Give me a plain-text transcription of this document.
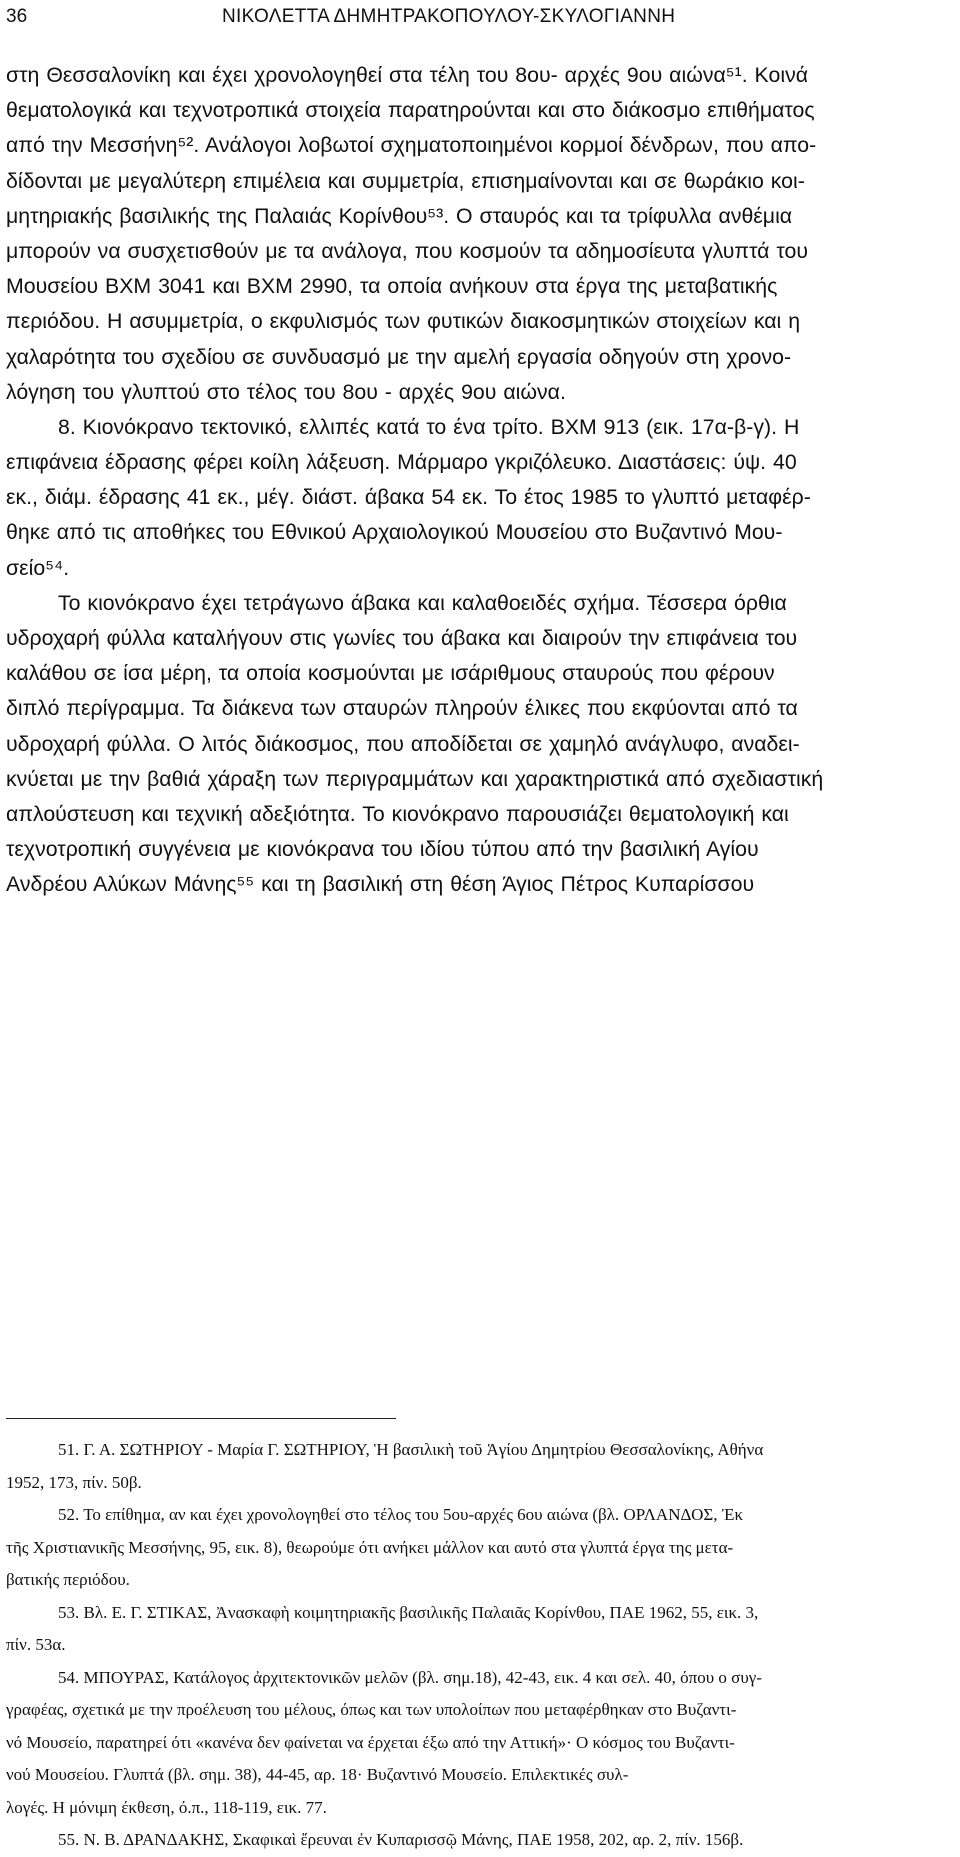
36	ΝΙΚΟΛΕΤΤΑ ΔΗΜΗΤΡΑΚΟΠΟΥΛΟΥ-ΣΚΥΛΟΓΙΑΝΝΗ
στη Θεσσαλονίκη και έχει χρονολογηθεί στα τέλη του 8ου- αρχές 9ου αιώνα⁵¹. Κοινά
θεματολογικά και τεχνοτροπικά στοιχεία παρατηρούνται και στο διάκοσμο επιθήματος
από την Μεσσήνη⁵². Ανάλογοι λοβωτοί σχηματοποιημένοι κορμοί δένδρων, που απο-
δίδονται με μεγαλύτερη επιμέλεια και συμμετρία, επισημαίνονται και σε θωράκιο κοι-
μητηριακής βασιλικής της Παλαιάς Κορίνθου⁵³. Ο σταυρός και τα τρίφυλλα ανθέμια
μπορούν να συσχετισθούν με τα ανάλογα, που κοσμούν τα αδημοσίευτα γλυπτά του
Μουσείου ΒΧΜ 3041 και ΒΧΜ 2990, τα οποία ανήκουν στα έργα της μεταβατικής
περιόδου. Η ασυμμετρία, ο εκφυλισμός των φυτικών διακοσμητικών στοιχείων και η
χαλαρότητα του σχεδίου σε συνδυασμό με την αμελή εργασία οδηγούν στη χρονο-
λόγηση του γλυπτού στο τέλος του 8ου - αρχές 9ου αιώνα.
8. Κιονόκρανο τεκτονικό, ελλιπές κατά το ένα τρίτο. ΒΧΜ 913 (εικ. 17α-β-γ). Η
επιφάνεια έδρασης φέρει κοίλη λάξευση. Μάρμαρο γκριζόλευκο. Διαστάσεις: ύψ. 40
εκ., διάμ. έδρασης 41 εκ., μέγ. διάστ. άβακα 54 εκ. Το έτος 1985 το γλυπτό μεταφέρ-
θηκε από τις αποθήκες του Εθνικού Αρχαιολογικού Μουσείου στο Βυζαντινό Μου-
σείο⁵⁴.
Το κιονόκρανο έχει τετράγωνο άβακα και καλαθοειδές σχήμα. Τέσσερα όρθια
υδροχαρή φύλλα καταλήγουν στις γωνίες του άβακα και διαιρούν την επιφάνεια του
καλάθου σε ίσα μέρη, τα οποία κοσμούνται με ισάριθμους σταυρούς που φέρουν
διπλό περίγραμμα. Τα διάκενα των σταυρών πληρούν έλικες που εκφύονται από τα
υδροχαρή φύλλα. Ο λιτός διάκοσμος, που αποδίδεται σε χαμηλό ανάγλυφο, αναδει-
κνύεται με την βαθιά χάραξη των περιγραμμάτων και χαρακτηριστικά από σχεδιαστική
απλούστευση και τεχνική αδεξιότητα. Το κιονόκρανο παρουσιάζει θεματολογική και
τεχνοτροπική συγγένεια με κιονόκρανα του ιδίου τύπου από την βασιλική Αγίου
Ανδρέου Αλύκων Μάνης⁵⁵ και τη βασιλική στη θέση Άγιος Πέτρος Κυπαρίσσου
51. Γ. Α. ΣΩΤΗΡΙΟΥ - Μαρία Γ. ΣΩΤΗΡΙΟΥ, Ἡ βασιλικὴ τοῦ Ἁγίου Δημητρίου Θεσσαλονίκης, Αθήνα
1952, 173, πίν. 50β.
52. Το επίθημα, αν και έχει χρονολογηθεί στο τέλος του 5ου-αρχές 6ου αιώνα (βλ. ΟΡΛΑΝΔΟΣ, Ἐκ
τῆς Χριστιανικῆς Μεσσήνης, 95, εικ. 8), θεωρούμε ότι ανήκει μάλλον και αυτό στα γλυπτά έργα της μετα-
βατικής περιόδου.
53. Βλ. Ε. Γ. ΣΤΙΚΑΣ, Ἀνασκαφὴ κοιμητηριακῆς βασιλικῆς Παλαιᾶς Κορίνθου, ΠΑΕ 1962, 55, εικ. 3,
πίν. 53α.
54. ΜΠΟΥΡΑΣ, Κατάλογος ἀρχιτεκτονικῶν μελῶν (βλ. σημ.18), 42-43, εικ. 4 και σελ. 40, όπου ο συγ-
γραφέας, σχετικά με την προέλευση του μέλους, όπως και των υπολοίπων που μεταφέρθηκαν στο Βυζαντι-
νό Μουσείο, παρατηρεί ότι «κανένα δεν φαίνεται να έρχεται έξω από την Αττική»· Ο κόσμος του Βυζαντι-
νού Μουσείου. Γλυπτά (βλ. σημ. 38), 44-45, αρ. 18· Βυζαντινό Μουσείο. Επιλεκτικές συλ-
λογές. Η μόνιμη έκθεση, ό.π., 118-119, εικ. 77.
55. Ν. Β. ΔΡΑΝΔΑΚΗΣ, Σκαφικαὶ ἔρευναι ἐν Κυπαρισσῷ Μάνης, ΠΑΕ 1958, 202, αρ. 2, πίν. 156β.
